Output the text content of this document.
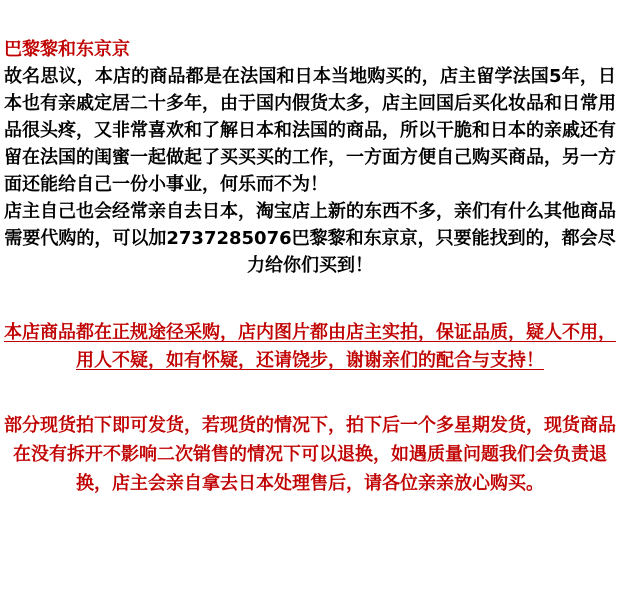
巴黎黎和东京京
故名思议，本店的商品都是在法国和日本当地购买的，店主留学法国5年，日本也有亲戚定居二十多年，由于国内假货太多，店主回国后买化妆品和日常用品很头疼，又非常喜欢和了解日本和法国的商品，所以干脆和日本的亲戚还有留在法国的闺蜜一起做起了买买买的工作，一方面方便自己购买商品，另一方面还能给自己一份小事业，何乐而不为！
店主自己也会经常亲自去日本，淘宝店上新的东西不多，亲们有什么其他商品需要代购的，可以加2737285076巴黎黎和东京京，只要能找到的，都会尽力给你们买到！
本店商品都在正规途径采购，店内图片都由店主实拍，保证品质，疑人不用，用人不疑，如有怀疑，还请饶步，谢谢亲们的配合与支持！
部分现货拍下即可发货，若现货的情况下，拍下后一个多星期发货，现货商品在没有拆开不影响二次销售的情况下可以退换，如遇质量问题我们会负责退换，店主会亲自拿去日本处理售后，请各位亲亲放心购买。
